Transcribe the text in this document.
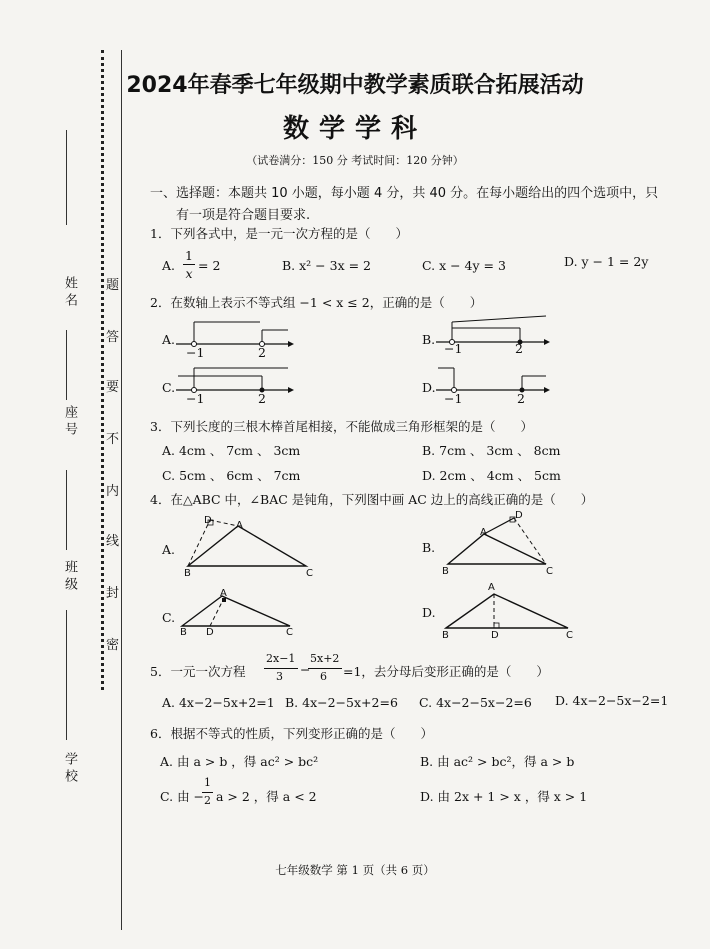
姓名
座号
班级
学校
题
答
要
不
内
线
封
密
2024年春季七年级期中教学素质联合拓展活动
数学学科
（试卷满分：150 分 考试时间：120 分钟）
一、选择题：本题共 10 小题，每小题 4 分，共 40 分。在每小题给出的四个选项中，只
有一项是符合题目要求.
1．下列各式中，是一元一次方程的是（　　）
A.
1
x
= 2	B. x² − 3x = 2	C. x − 4y = 3	D. y − 1 = 2y
2．在数轴上表示不等式组 −1 < x ≤ 2，正确的是（　　）
A.
−1	2
B.
−1	2
C.
−1	2
D.
−1	2
3．下列长度的三根木棒首尾相接，不能做成三角形框架的是（　　）
A. 4cm 、 7cm 、 3cm	B. 7cm 、 3cm 、 8cm
C. 5cm 、 6cm 、 7cm	D. 2cm 、 4cm 、 5cm
4．在△ABC 中，∠BAC 是钝角，下列图中画 AC 边上的高线正确的是（　　）
A.
D A
B	C
B.
A
D
B	C
C.
A
B D	C
D.
A
B	D	C
5．一元一次方程
2x−1
3 −
5x+2
6 =1，去分母后变形正确的是（　　）
A. 4x−2−5x+2=1 B. 4x−2−5x+2=6 C. 4x−2−5x−2=6 D. 4x−2−5x−2=1
6．根据不等式的性质，下列变形正确的是（　　）
A. 由 a > b ，得 ac² > bc²	B. 由 ac² > bc²，得 a > b
C. 由 −
1
2 a > 2 ，得 a < 2	D. 由 2x + 1 > x ，得 x > 1
七年级数学 第 1 页（共 6 页）
